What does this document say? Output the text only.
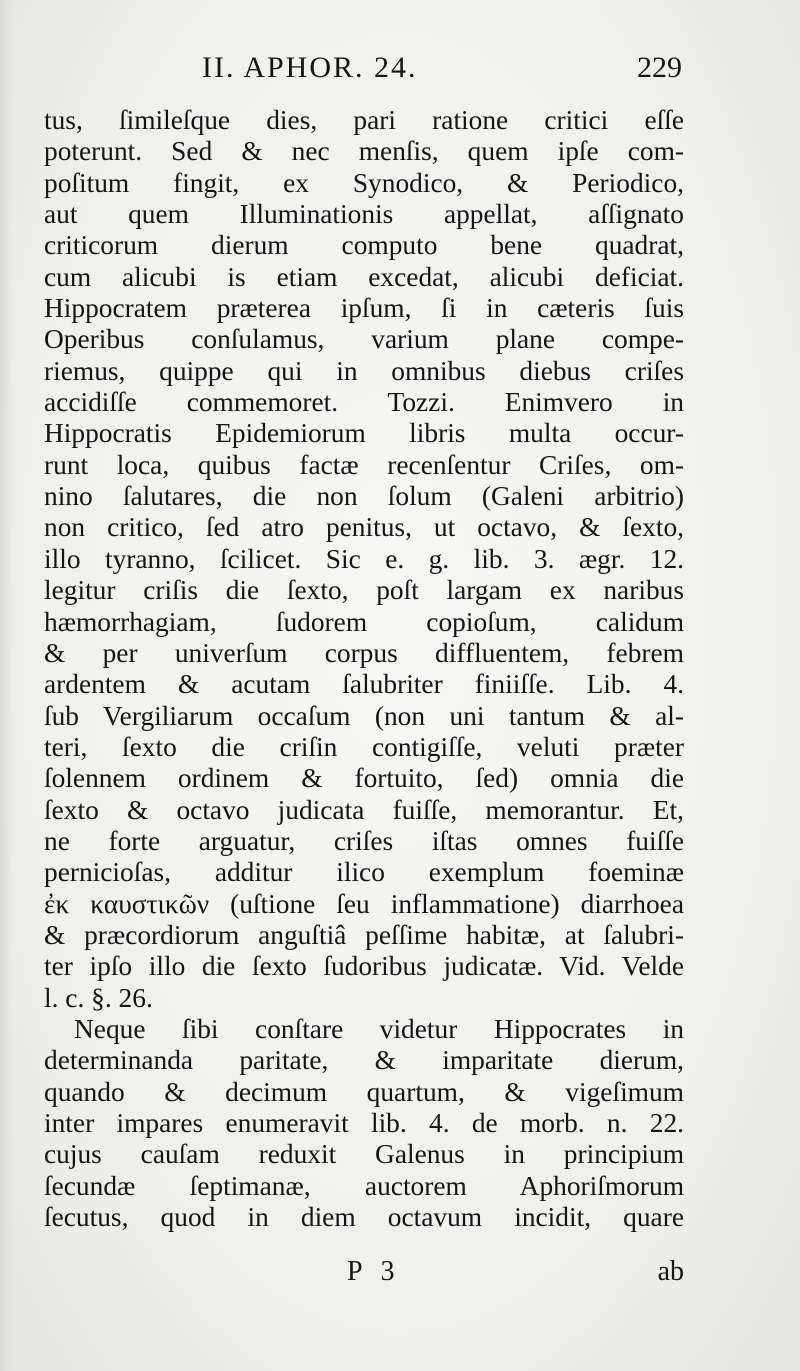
II. APHOR. 24.	229
tus, ſimileſque dies, pari ratione critici eſſe
poterunt. Sed & nec menſis, quem ipſe com-
poſitum fingit, ex Synodico, & Periodico,
aut quem Illuminationis appellat, aſſignato
criticorum dierum computo bene quadrat,
cum alicubi is etiam excedat, alicubi deficiat.
Hippocratem præterea ipſum, ſi in cæteris ſuis
Operibus conſulamus, varium plane compe-
riemus, quippe qui in omnibus diebus criſes
accidiſſe commemoret. Tozzi. Enimvero in
Hippocratis Epidemiorum libris multa occur-
runt loca, quibus factæ recenſentur Criſes, om-
nino ſalutares, die non ſolum (Galeni arbitrio)
non critico, ſed atro penitus, ut octavo, & ſexto,
illo tyranno, ſcilicet. Sic e. g. lib. 3. ægr. 12.
legitur criſis die ſexto, poſt largam ex naribus
hæmorrhagiam, ſudorem copioſum, calidum
& per univerſum corpus diffluentem, febrem
ardentem & acutam ſalubriter finiiſſe. Lib. 4.
ſub Vergiliarum occaſum (non uni tantum & al-
teri, ſexto die criſin contigiſſe, veluti præter
ſolennem ordinem & fortuito, ſed) omnia die
ſexto & octavo judicata fuiſſe, memorantur. Et,
ne forte arguatur, criſes iſtas omnes fuiſſe
pernicioſas, additur ilico exemplum foeminæ
ἐκ καυστικῶν (uſtione ſeu inflammatione) diarrhoea
& præcordiorum anguſtiâ peſſime habitæ, at ſalubri-
ter ipſo illo die ſexto ſudoribus judicatæ. Vid. Velde
l. c. §. 26.
Neque ſibi conſtare videtur Hippocrates in
determinanda paritate, & imparitate dierum,
quando & decimum quartum, & vigeſimum
inter impares enumeravit lib. 4. de morb. n. 22.
cujus cauſam reduxit Galenus in principium
ſecundæ ſeptimanæ, auctorem Aphoriſmorum
ſecutus, quod in diem octavum incidit, quare
P 3	ab
